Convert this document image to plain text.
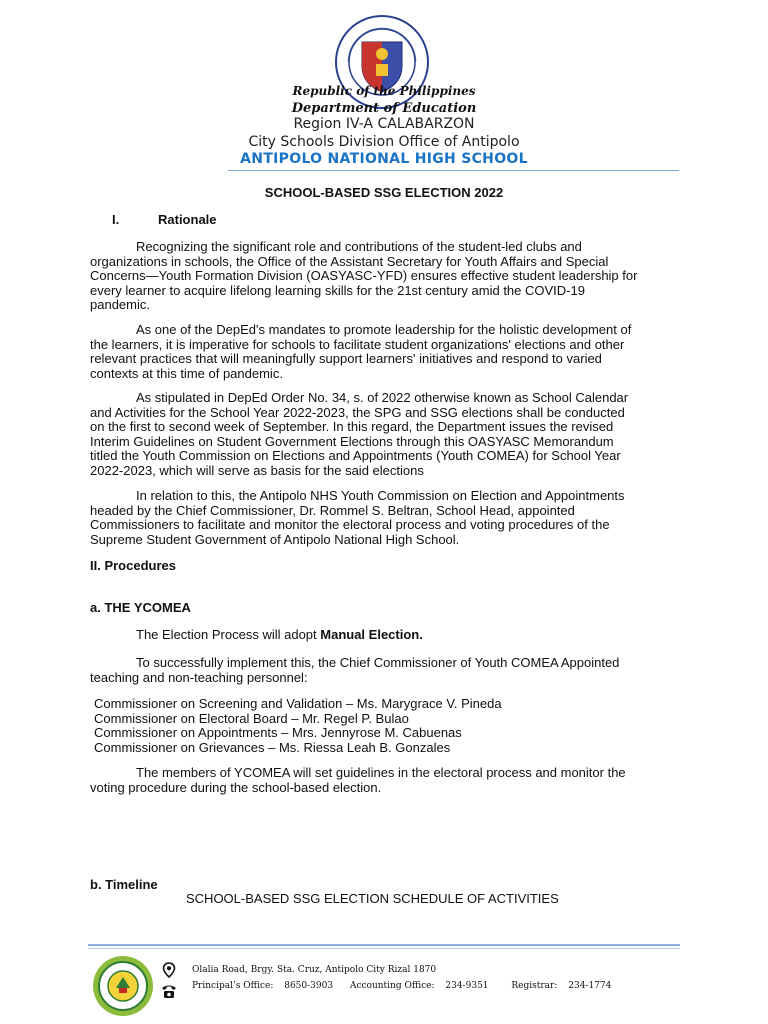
Republic of the Philippines
Department of Education
Region IV-A CALABARZON
City Schools Division Office of Antipolo
ANTIPOLO NATIONAL HIGH SCHOOL
SCHOOL-BASED SSG ELECTION 2022
I.	Rationale
Recognizing the significant role and contributions of the student-led clubs and
organizations in schools, the Office of the Assistant Secretary for Youth Affairs and Special
Concerns—Youth Formation Division (OASYASC-YFD) ensures effective student leadership for
every learner to acquire lifelong learning skills for the 21st century amid the COVID-19
pandemic.
As one of the DepEd's mandates to promote leadership for the holistic development of
the learners, it is imperative for schools to facilitate student organizations' elections and other
relevant practices that will meaningfully support learners' initiatives and respond to varied
contexts at this time of pandemic.
As stipulated in DepEd Order No. 34, s. of 2022 otherwise known as School Calendar
and Activities for the School Year 2022-2023, the SPG and SSG elections shall be conducted
on the first to second week of September. In this regard, the Department issues the revised
Interim Guidelines on Student Government Elections through this OASYASC Memorandum
titled the Youth Commission on Elections and Appointments (Youth COMEA) for School Year
2022-2023, which will serve as basis for the said elections
In relation to this, the Antipolo NHS Youth Commission on Election and Appointments
headed by the Chief Commissioner, Dr. Rommel S. Beltran, School Head, appointed
Commissioners to facilitate and monitor the electoral process and voting procedures of the
Supreme Student Government of Antipolo National High School.
II. Procedures
a. THE YCOMEA
The Election Process will adopt Manual Election.
To successfully implement this, the Chief Commissioner of Youth COMEA Appointed
teaching and non-teaching personnel:
Commissioner on Screening and Validation – Ms. Marygrace V. Pineda
Commissioner on Electoral Board – Mr. Regel P. Bulao
Commissioner on Appointments – Mrs. Jennyrose M. Cabuenas
Commissioner on Grievances – Ms. Riessa Leah B. Gonzales
The members of YCOMEA will set guidelines in the electoral process and monitor the
voting procedure during the school-based election.
b. Timeline
SCHOOL-BASED SSG ELECTION SCHEDULE OF ACTIVITIES
Olalia Road, Brgy. Sta. Cruz, Antipolo City Rizal 1870
Principal’s Office: 8650-3903 Accounting Office: 234-9351	Registrar: 234-1774
